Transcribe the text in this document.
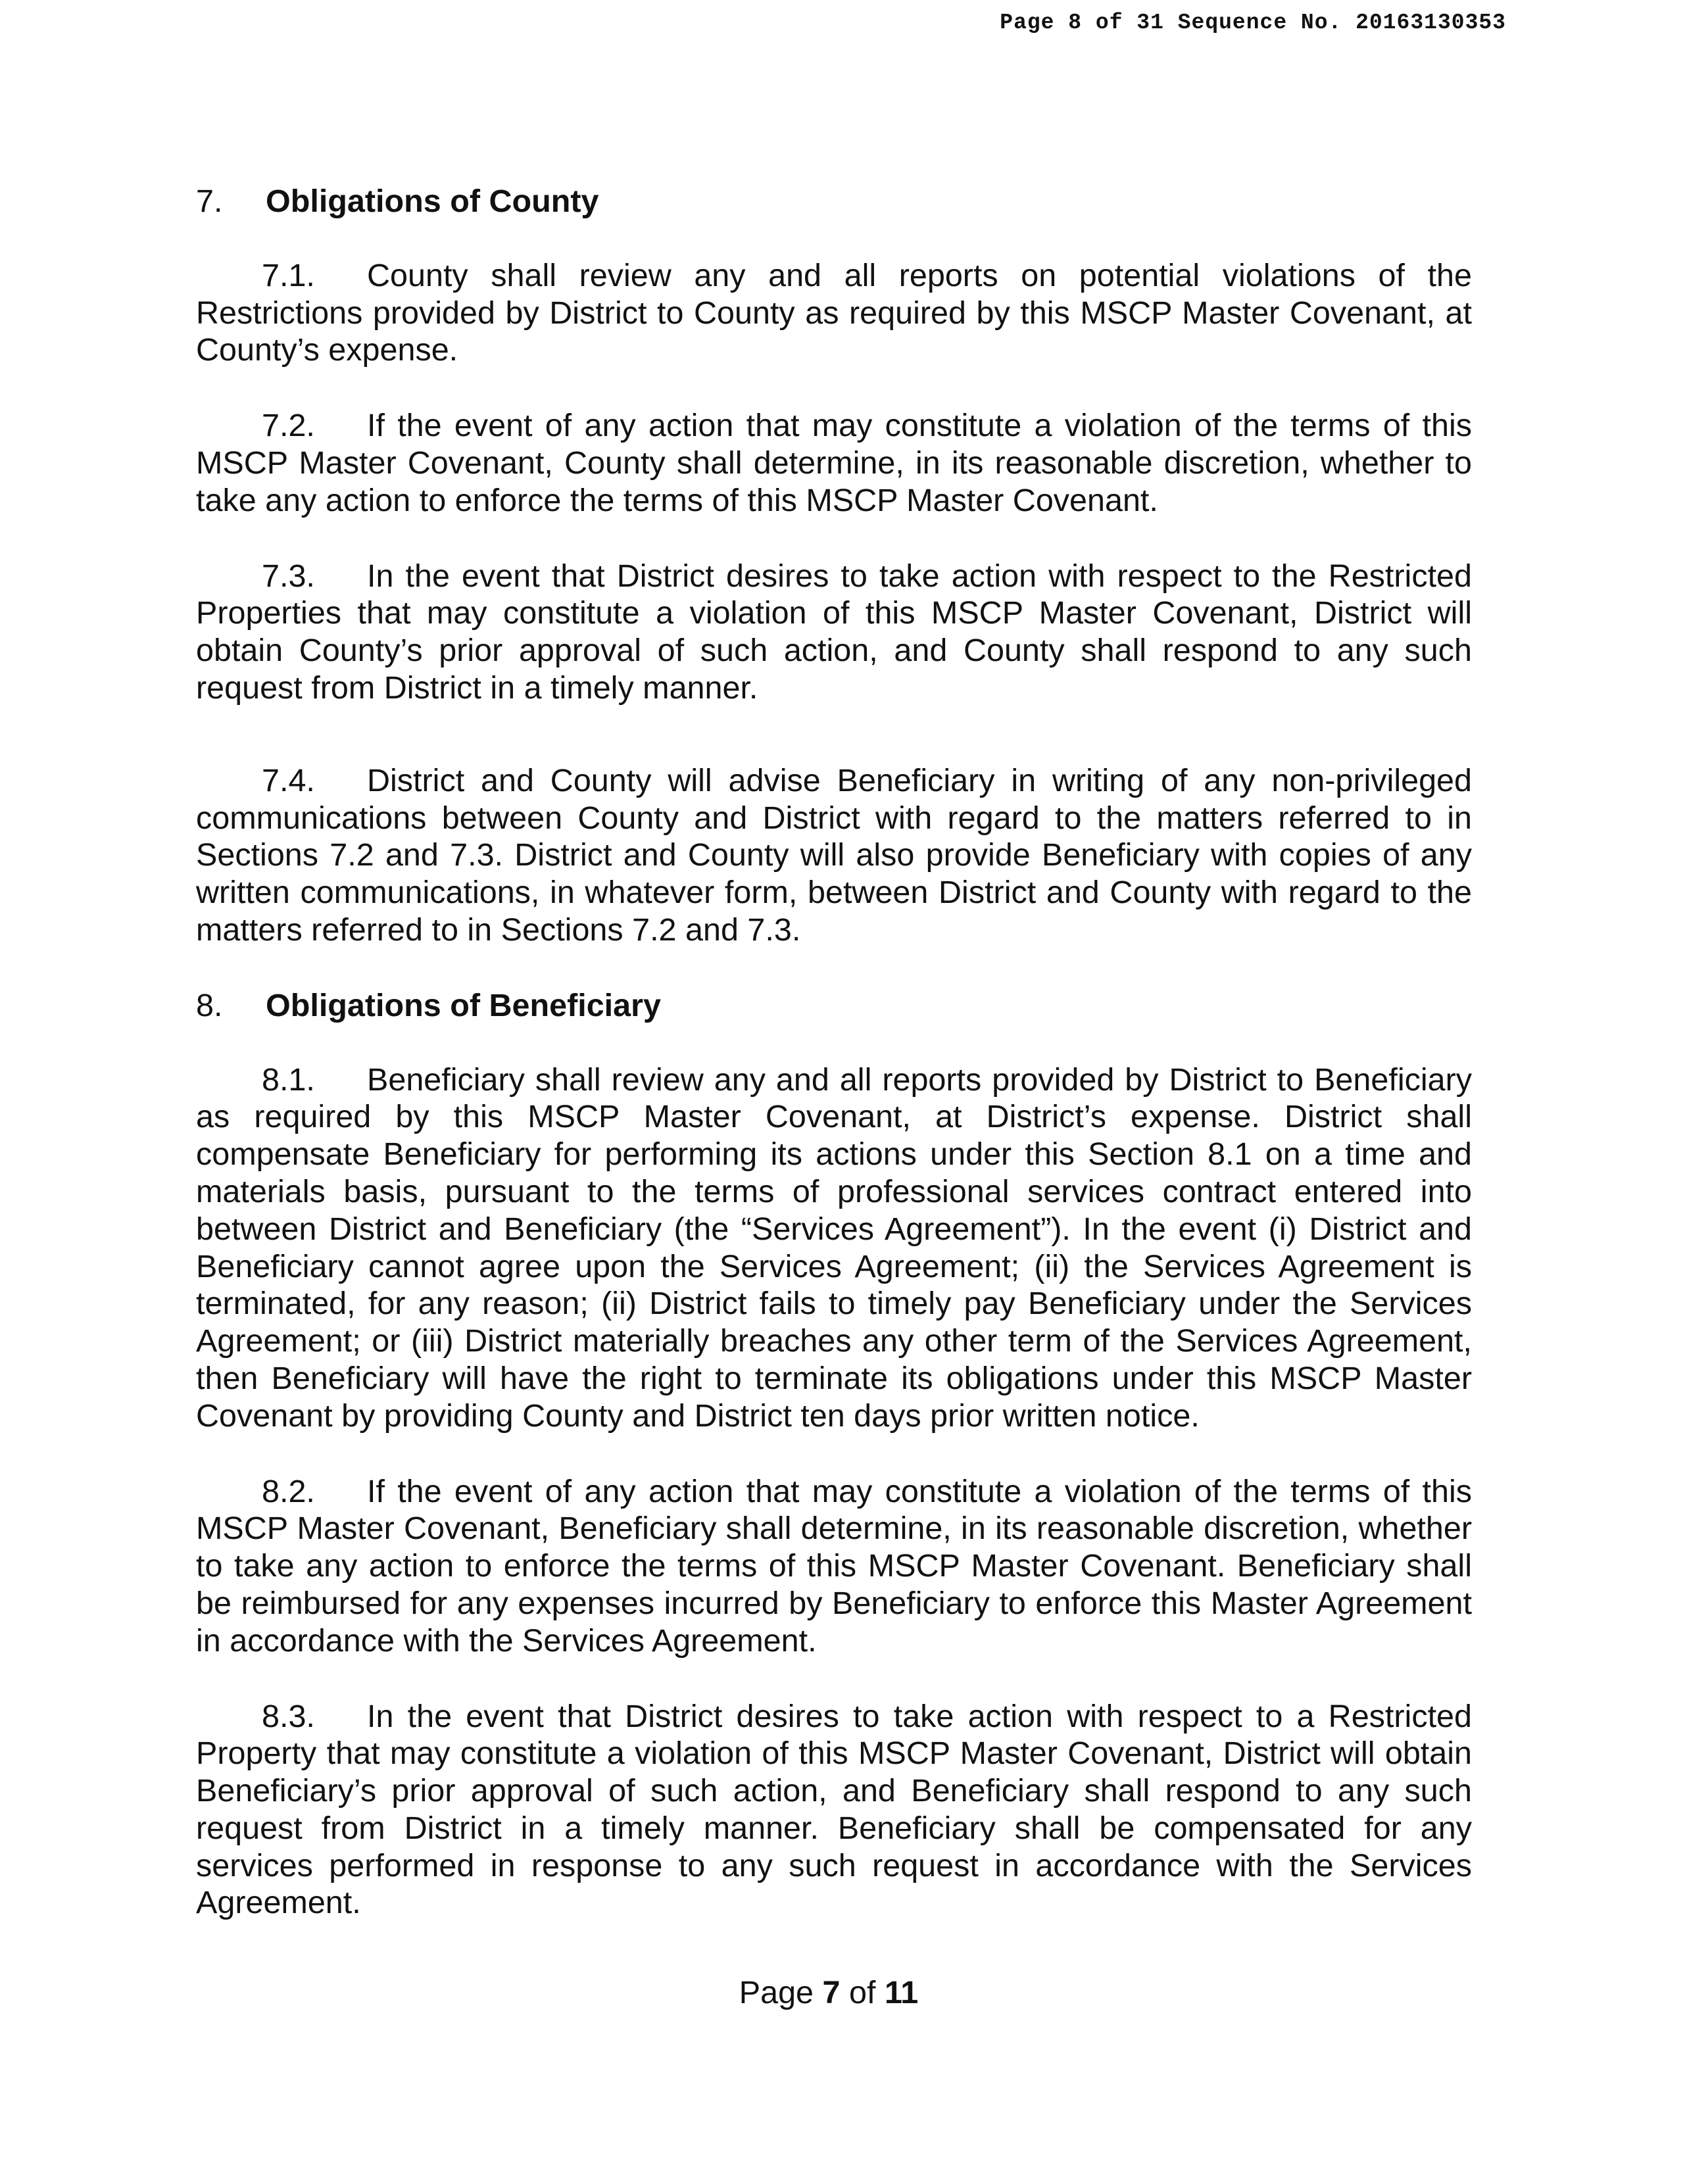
Page 8 of 31 Sequence No. 20163130353

7. Obligations of County

7.1. County shall review any and all reports on potential violations of the Restrictions provided by District to County as required by this MSCP Master Covenant, at County’s expense.

7.2. If the event of any action that may constitute a violation of the terms of this MSCP Master Covenant, County shall determine, in its reasonable discretion, whether to take any action to enforce the terms of this MSCP Master Covenant.

7.3. In the event that District desires to take action with respect to the Restricted Properties that may constitute a violation of this MSCP Master Covenant, District will obtain County’s prior approval of such action, and County shall respond to any such request from District in a timely manner.

7.4. District and County will advise Beneficiary in writing of any non-privileged communications between County and District with regard to the matters referred to in Sections 7.2 and 7.3. District and County will also provide Beneficiary with copies of any written communications, in whatever form, between District and County with regard to the matters referred to in Sections 7.2 and 7.3.

8. Obligations of Beneficiary

8.1. Beneficiary shall review any and all reports provided by District to Beneficiary as required by this MSCP Master Covenant, at District’s expense. District shall compensate Beneficiary for performing its actions under this Section 8.1 on a time and materials basis, pursuant to the terms of professional services contract entered into between District and Beneficiary (the “Services Agreement”). In the event (i) District and Beneficiary cannot agree upon the Services Agreement; (ii) the Services Agreement is terminated, for any reason; (ii) District fails to timely pay Beneficiary under the Services Agreement; or (iii) District materially breaches any other term of the Services Agreement, then Beneficiary will have the right to terminate its obligations under this MSCP Master Covenant by providing County and District ten days prior written notice.

8.2. If the event of any action that may constitute a violation of the terms of this MSCP Master Covenant, Beneficiary shall determine, in its reasonable discretion, whether to take any action to enforce the terms of this MSCP Master Covenant. Beneficiary shall be reimbursed for any expenses incurred by Beneficiary to enforce this Master Agreement in accordance with the Services Agreement.

8.3. In the event that District desires to take action with respect to a Restricted Property that may constitute a violation of this MSCP Master Covenant, District will obtain Beneficiary’s prior approval of such action, and Beneficiary shall respond to any such request from District in a timely manner. Beneficiary shall be compensated for any services performed in response to any such request in accordance with the Services Agreement.

Page 7 of 11
